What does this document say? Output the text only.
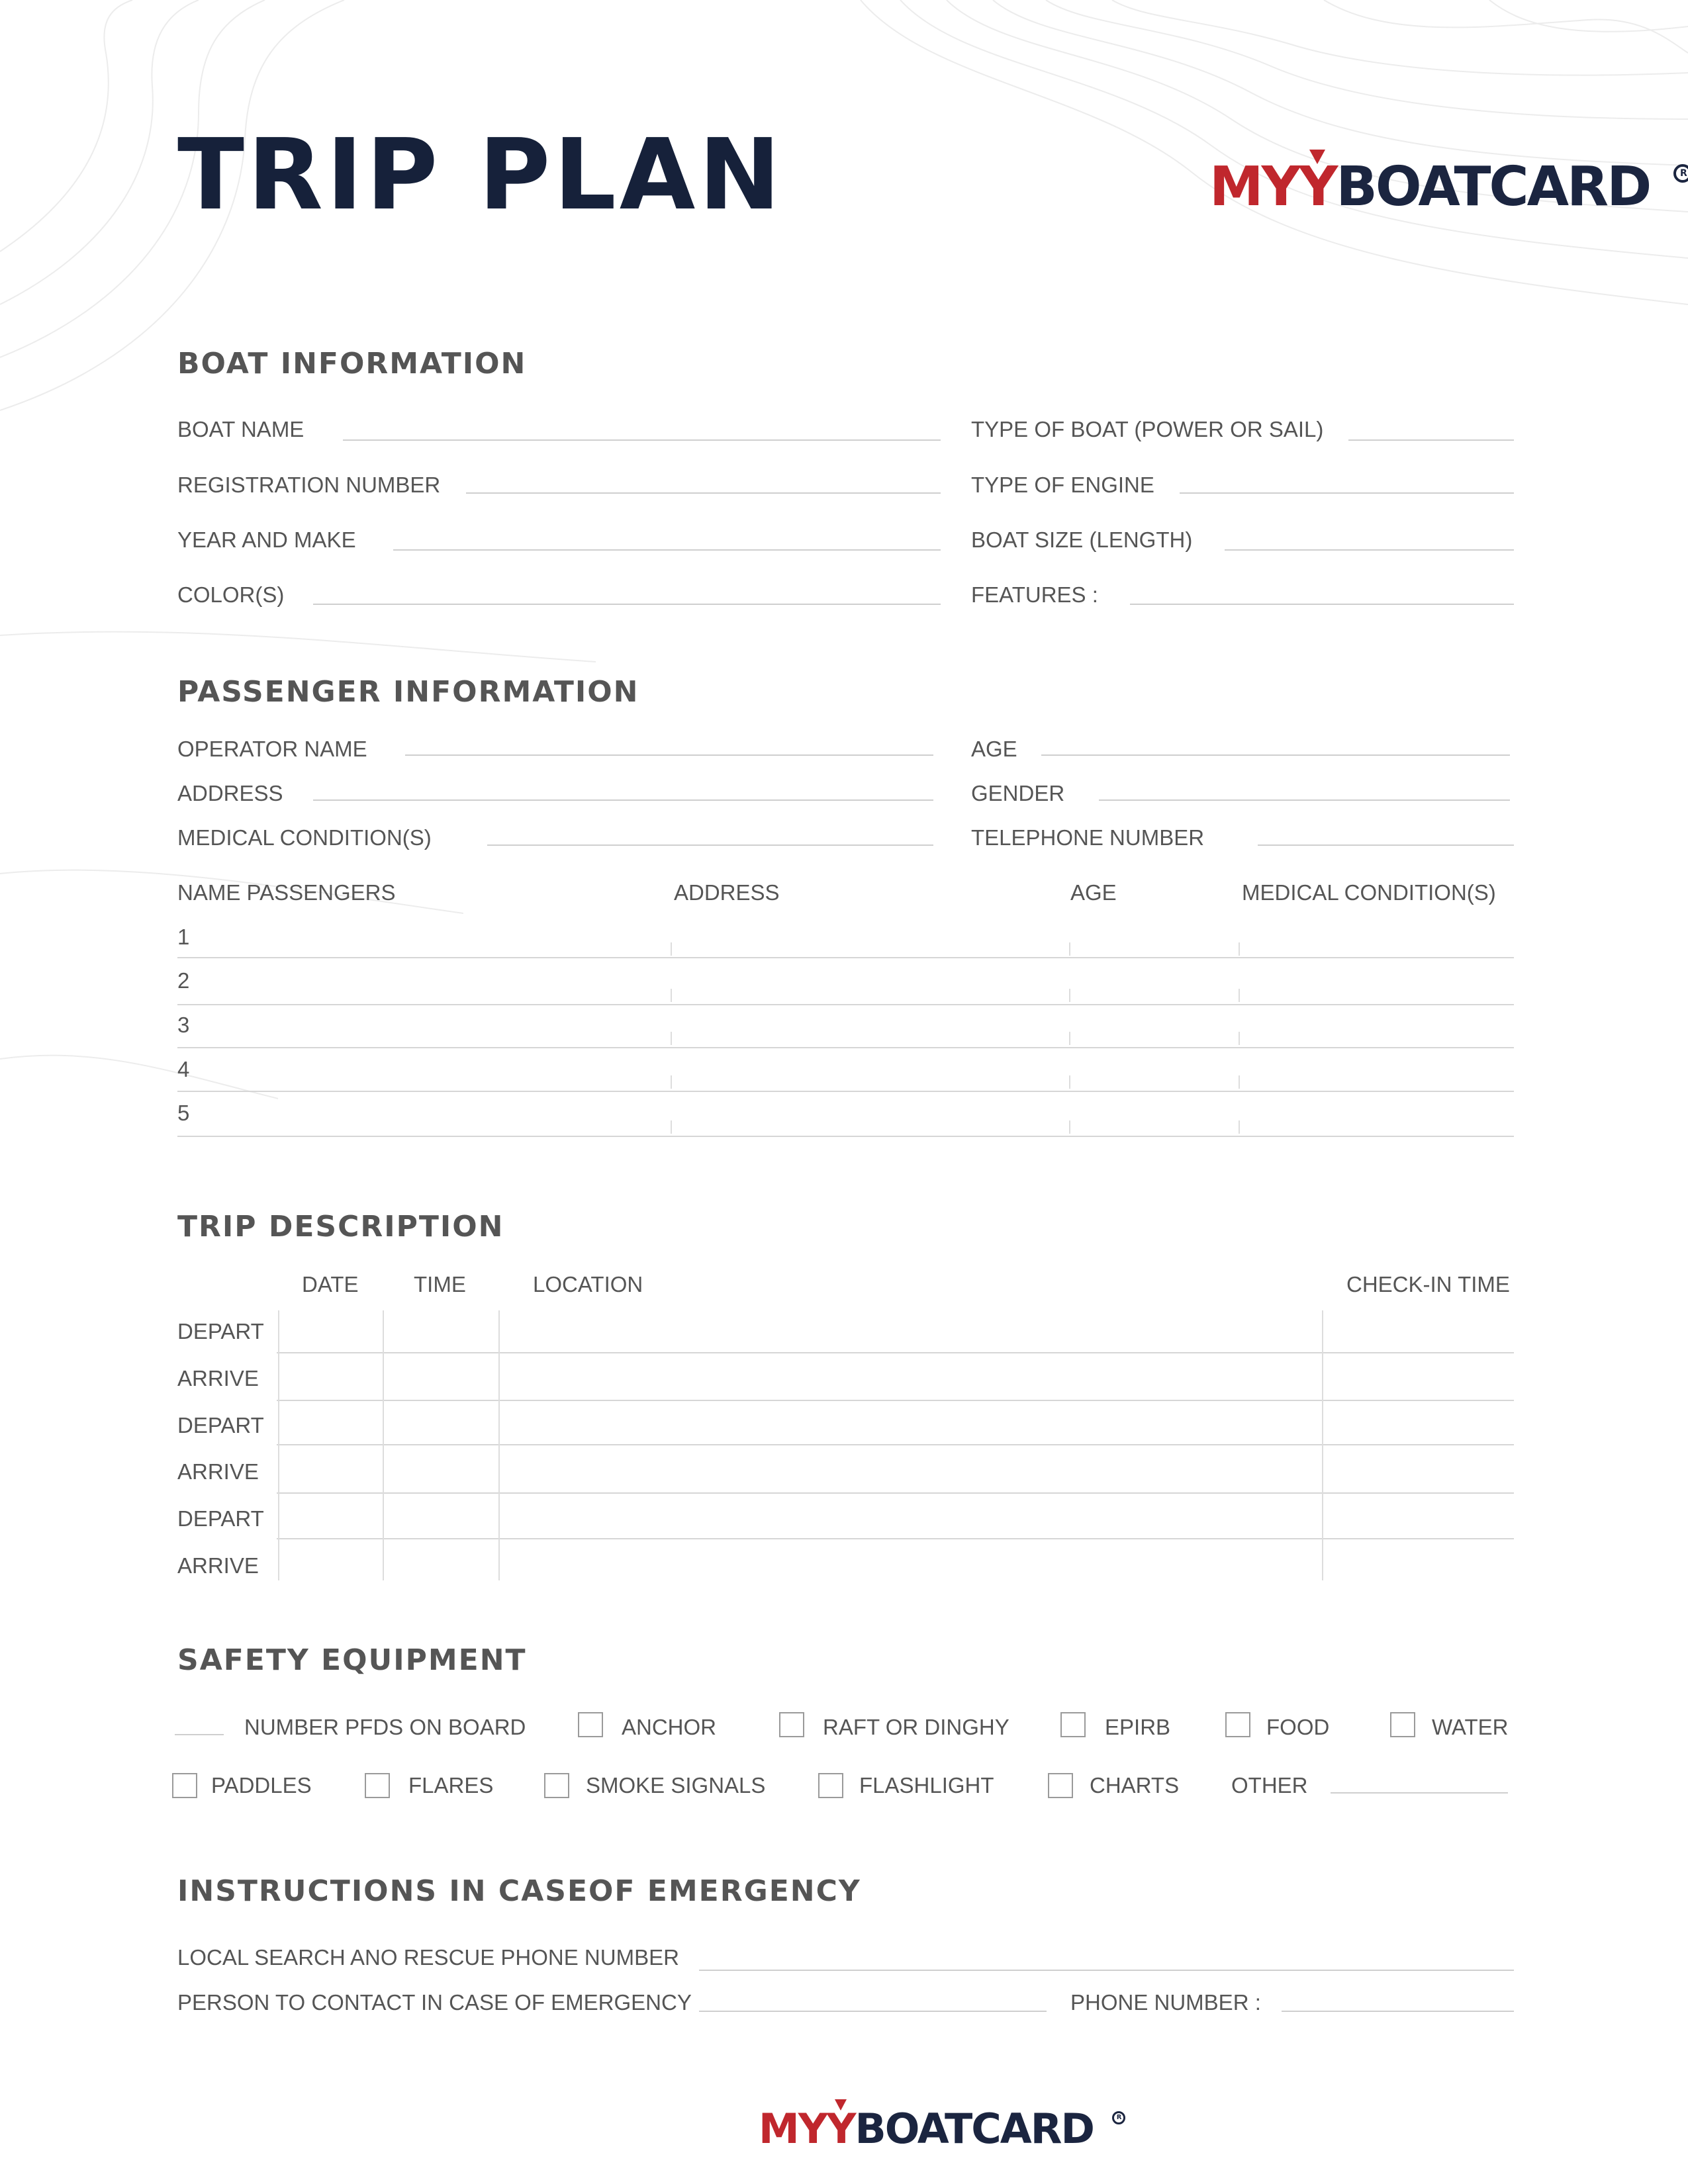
TRIP PLAN	MY
YBOATCARD	R
BOAT INFORMATION
BOAT NAME
REGISTRATION NUMBER
YEAR AND MAKE
COLOR(S)
TYPE OF BOAT (POWER OR SAIL)
TYPE OF ENGINE
BOAT SIZE (LENGTH)
FEATURES :
PASSENGER INFORMATION
OPERATOR NAME
ADDRESS
MEDICAL CONDITION(S)
AGE
GENDER
TELEPHONE NUMBER
NAME PASSENGERS	ADDRESS	AGE	MEDICAL CONDITION(S)
1
2
3
4
5
TRIP DESCRIPTION
DATE	TIME	LOCATION	CHECK-IN TIME
DEPART
ARRIVE
DEPART
ARRIVE
DEPART
ARRIVE
SAFETY EQUIPMENT
NUMBER PFDS ON BOARD	ANCHOR	RAFT OR DINGHY	EPIRB	FOOD	WATER
PADDLES	FLARES	SMOKE SIGNALS	FLASHLIGHT	CHARTS OTHER
INSTRUCTIONS IN CASEOF EMERGENCY
LOCAL SEARCH ANO RESCUE PHONE NUMBER
PERSON TO CONTACT IN CASE OF EMERGENCY	PHONE NUMBER :
MY
YBOATCARD	R
